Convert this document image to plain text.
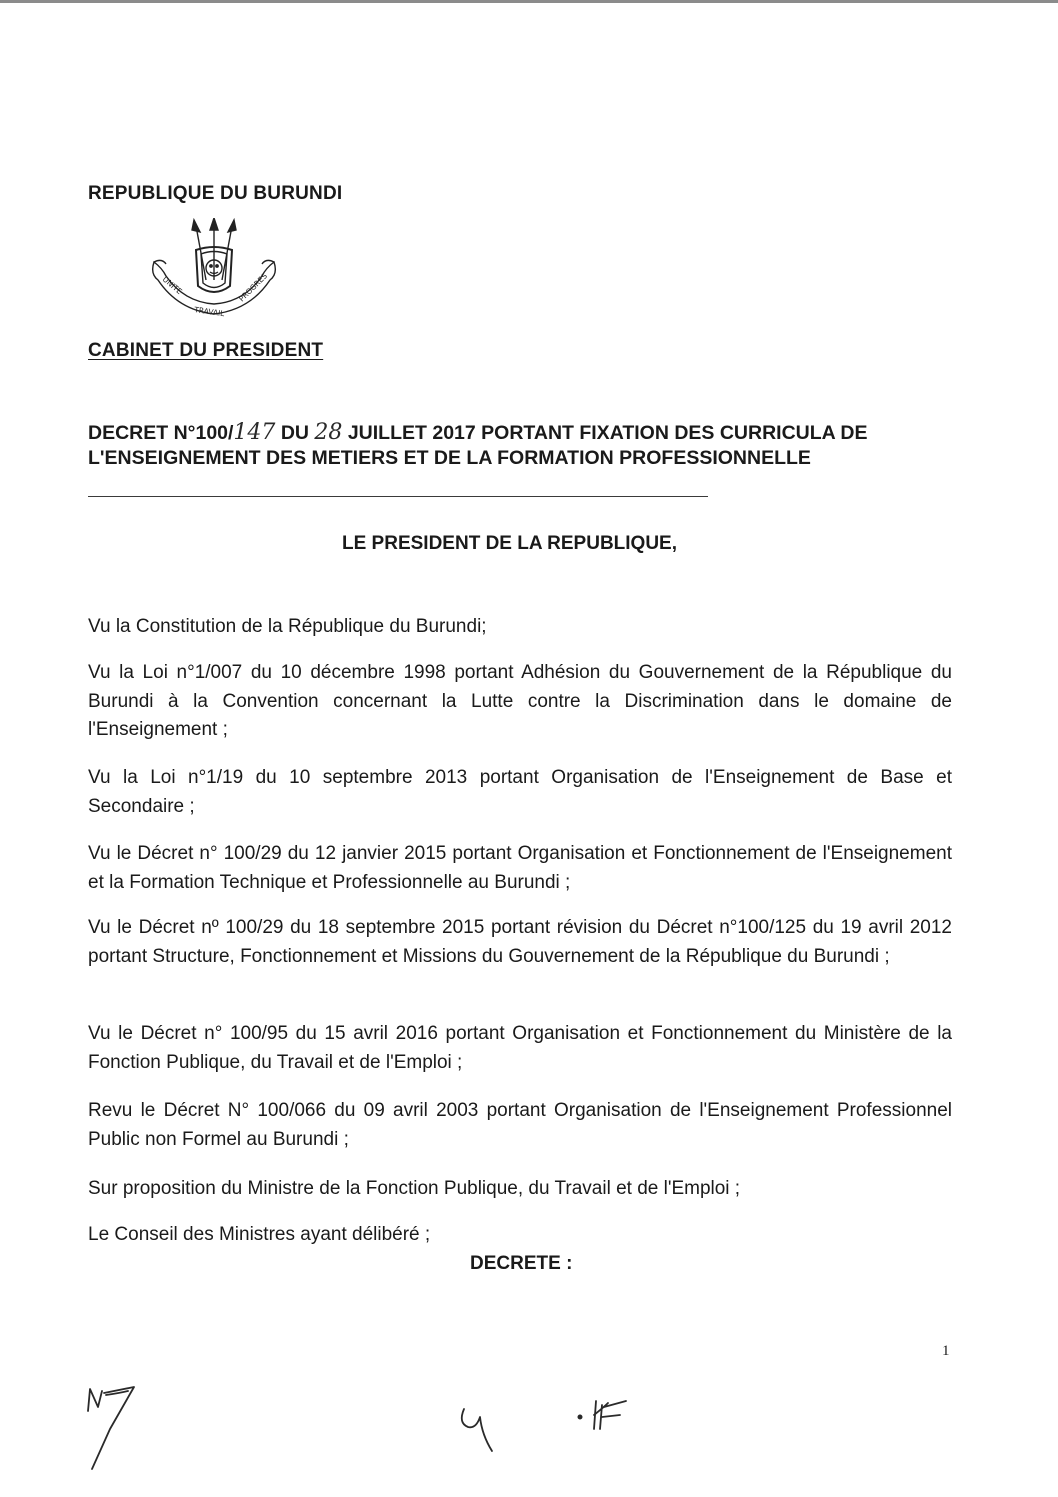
REPUBLIQUE DU BURUNDI
UNITE
TRAVAIL
PROGRES
CABINET DU PRESIDENT
DECRET N°100/147 DU 28 JUILLET 2017 PORTANT FIXATION DES CURRICULA DE
L'ENSEIGNEMENT DES METIERS ET DE LA FORMATION PROFESSIONNELLE
LE PRESIDENT DE LA REPUBLIQUE,
Vu la Constitution de la République du Burundi;
Vu la Loi n°1/007 du 10 décembre 1998 portant Adhésion du Gouvernement de la République du Burundi à la Convention concernant la Lutte contre la Discrimination dans le domaine de l'Enseignement ;
Vu la Loi n°1/19 du 10 septembre 2013 portant Organisation de l'Enseignement de Base et Secondaire ;
Vu le Décret n° 100/29 du 12 janvier 2015 portant Organisation et Fonctionnement de l'Enseignement et la Formation Technique et Professionnelle au Burundi ;
Vu le Décret nº 100/29 du 18 septembre 2015 portant révision du Décret n°100/125 du 19 avril 2012 portant Structure, Fonctionnement et Missions du Gouvernement de la République du Burundi ;
Vu le Décret n° 100/95 du 15 avril 2016 portant Organisation et Fonctionnement du Ministère de la Fonction Publique, du Travail et de l'Emploi ;
Revu le Décret N° 100/066 du 09 avril 2003 portant Organisation de l'Enseignement Professionnel Public non Formel au Burundi ;
Sur proposition du Ministre de la Fonction Publique, du Travail et de l'Emploi ;
Le Conseil des Ministres ayant délibéré ;
DECRETE :
1
